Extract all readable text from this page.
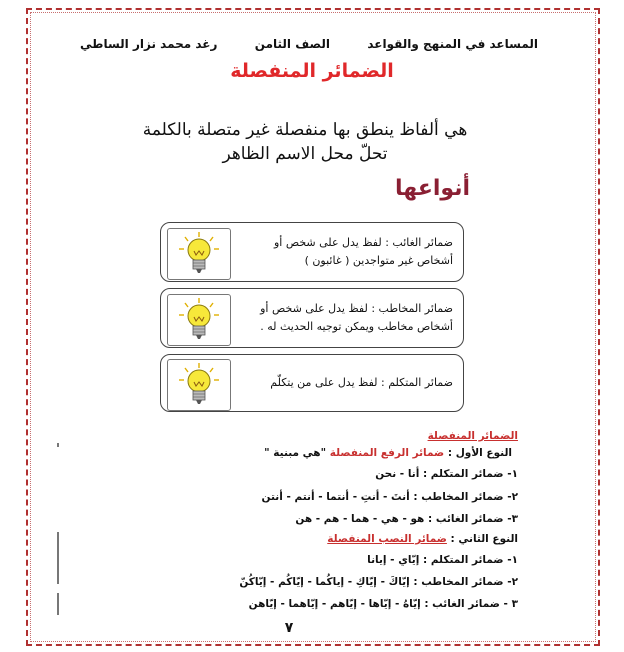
المساعد في المنهج والقواعد
الصف الثامن
رغد محمد نزار الساطي
الضمائر المنفصلة
هي ألفاظ ينطق بها منفصلة غير متصلة بالكلمة
تحلّ محل الاسم الظاهر
أنواعها
ضمائر الغائب : لفظ يدل على شخص أو
أشخاص غير متواجدين ( غائبون )
ضمائر المخاطب : لفظ يدل على شخص أو
أشخاص مخاطب ويمكن توجيه الحديث له .
ضمائر المتكلم : لفظ يدل على من يتكلّم
الضمائر المنفصلة
النوع الأول : ضمائر الرفع المنفصلة "هي مبنية "
١- ضمائر المتكلم : أنا - نحن
٢- ضمائر المخاطب : أنتَ - أنتِ - أنتما - أنتم - أنتن
٣- ضمائر الغائب : هو - هي - هما - هم - هن
النوع الثاني : ضمائر النصب المنفصلة
١- ضمائر المتكلم : إيّاي - إيانا
٢- ضمائر المخاطب : إيّاكَ - إيّاكِ - إياكُما - إيّاكُم - إيّاكُنّ
٣ - ضمائر الغائب : إيّاهُ - إيّاها - إيّاهم - إيّاهما - إيّاهن
٧
